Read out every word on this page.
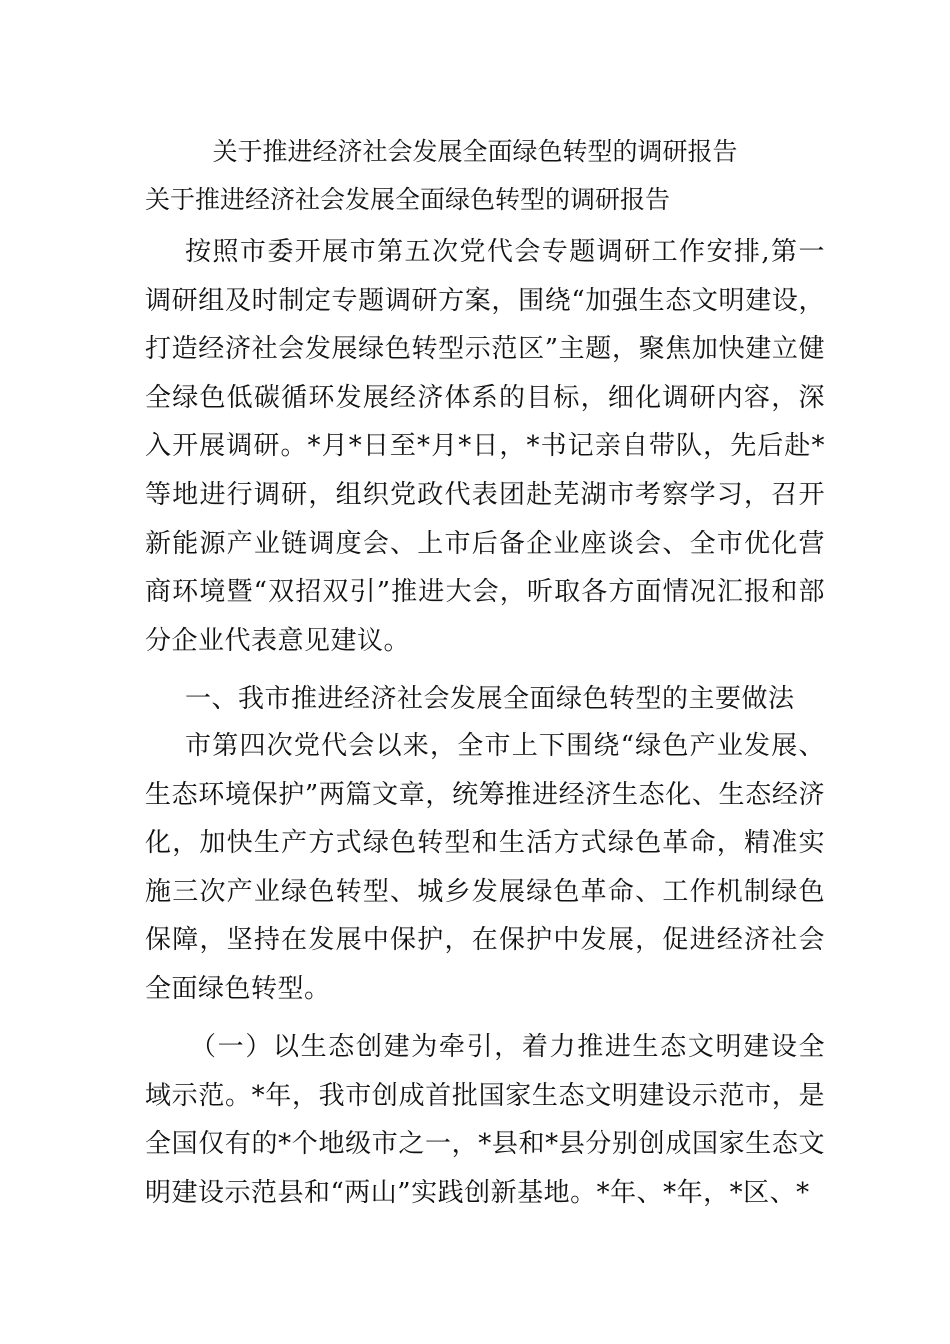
关于推进经济社会发展全面绿色转型的调研报告
关于推进经济社会发展全面绿色转型的调研报告

按照市委开展市第五次党代会专题调研工作安排,第一调研组及时制定专题调研方案，围绕“加强生态文明建设，打造经济社会发展绿色转型示范区”主题，聚焦加快建立健全绿色低碳循环发展经济体系的目标，细化调研内容，深入开展调研。*月*日至*月*日，*书记亲自带队，先后赴*等地进行调研，组织党政代表团赴芜湖市考察学习，召开新能源产业链调度会、上市后备企业座谈会、全市优化营商环境暨“双招双引”推进大会，听取各方面情况汇报和部分企业代表意见建议。

一、我市推进经济社会发展全面绿色转型的主要做法

市第四次党代会以来，全市上下围绕“绿色产业发展、生态环境保护”两篇文章，统筹推进经济生态化、生态经济化，加快生产方式绿色转型和生活方式绿色革命，精准实施三次产业绿色转型、城乡发展绿色革命、工作机制绿色保障，坚持在发展中保护，在保护中发展，促进经济社会全面绿色转型。

（一）以生态创建为牵引，着力推进生态文明建设全域示范。*年，我市创成首批国家生态文明建设示范市，是全国仅有的*个地级市之一，*县和*县分别创成国家生态文明建设示范县和“两山”实践创新基地。*年、*年，*区、*
